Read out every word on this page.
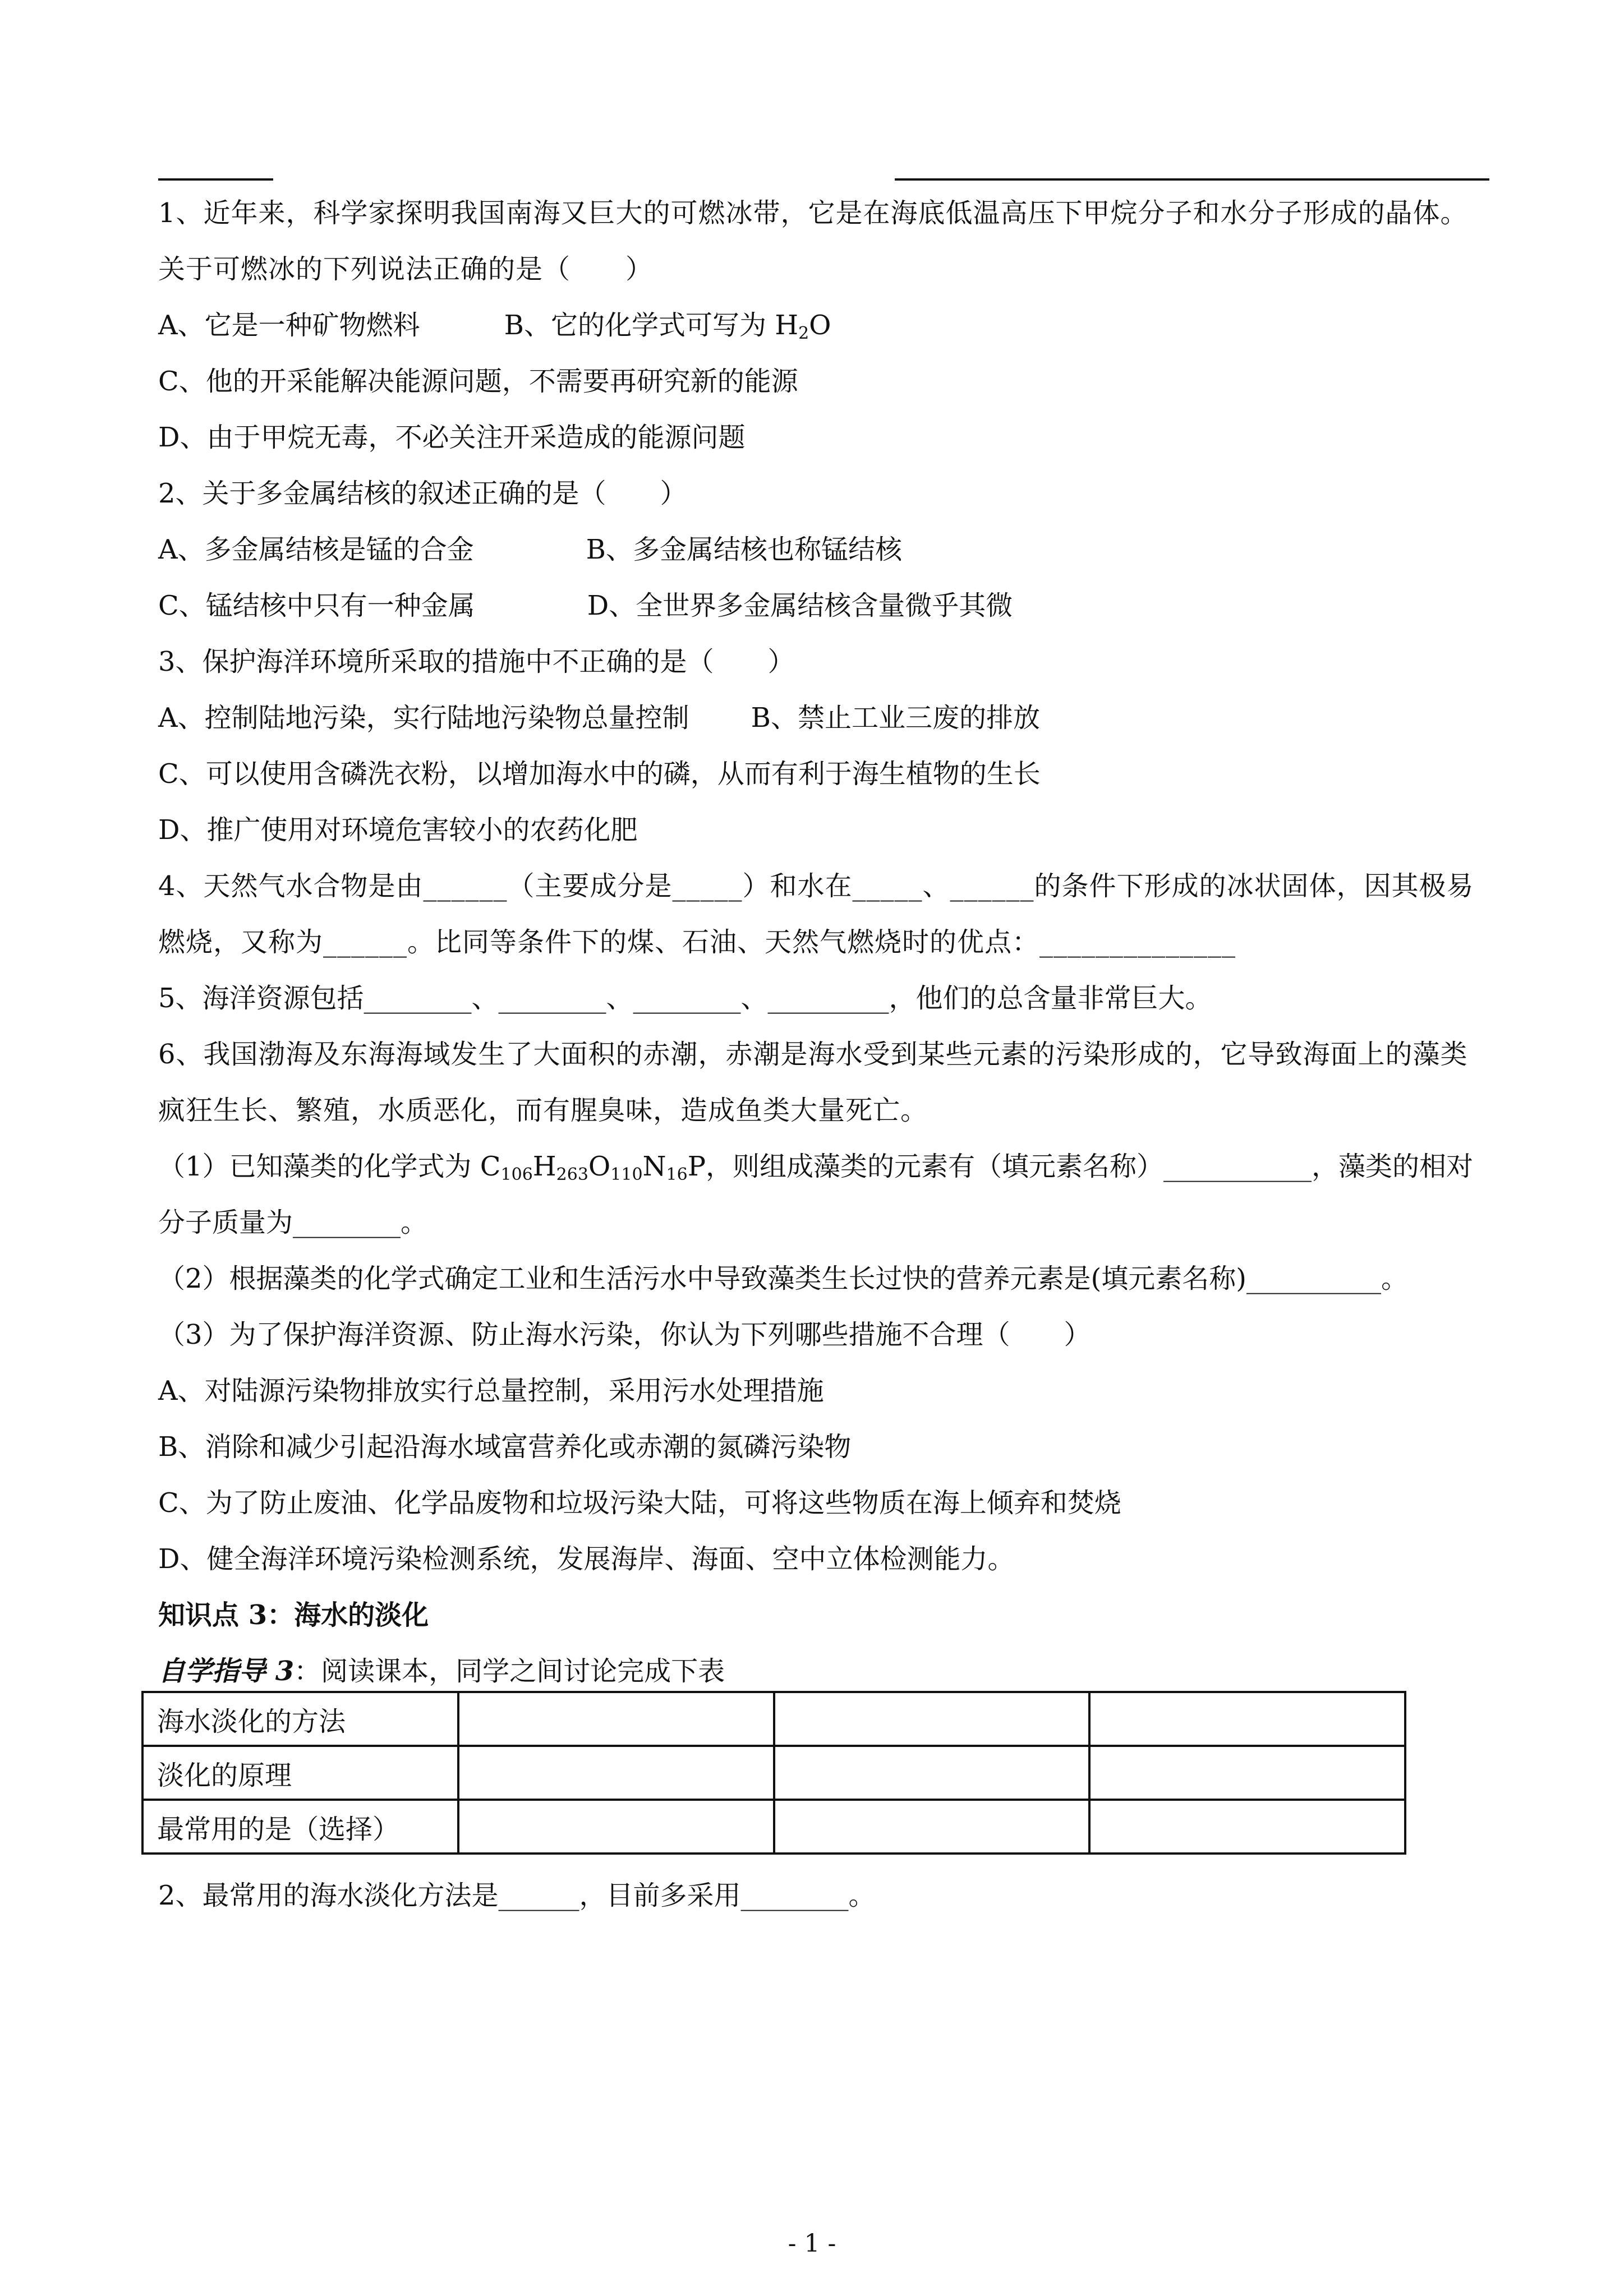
1、近年来，科学家探明我国南海又巨大的可燃冰带，它是在海底低温高压下甲烷分子和水分子形成的晶体。关于可燃冰的下列说法正确的是（　　）
A、它是一种矿物燃料	B、它的化学式可写为 $H_2O$
C、他的开采能解决能源问题，不需要再研究新的能源
D、由于甲烷无毒，不必关注开采造成的能源问题
2、关于多金属结核的叙述正确的是（　　）
A、多金属结核是锰的合金	B、多金属结核也称锰结核
C、锰结核中只有一种金属	D、全世界多金属结核含量微乎其微
3、保护海洋环境所采取的措施中不正确的是（　　）
A、控制陆地污染，实行陆地污染物总量控制 B、禁止工业三废的排放
C、可以使用含磷洗衣粉，以增加海水中的磷，从而有利于海生植物的生长
D、推广使用对环境危害较小的农药化肥
4、天然气水合物是由______（主要成分是_____）和水在_____、______的条件下形成的冰状固体，因其极易燃烧，又称为______。比同等条件下的煤、石油、天然气燃烧时的优点：______________
5、海洋资源包括________、________、________、_________，他们的总含量非常巨大。
6、我国渤海及东海海域发生了大面积的赤潮，赤潮是海水受到某些元素的污染形成的，它导致海面上的藻类疯狂生长、繁殖，水质恶化，而有腥臭味，造成鱼类大量死亡。
（1）已知藻类的化学式为 $C_{106}H_{263}O_{110}N_{16}P$，则组成藻类的元素有（填元素名称）___________，藻类的相对分子质量为________。
（2）根据藻类的化学式确定工业和生活污水中导致藻类生长过快的营养元素是(填元素名称)__________。
（3）为了保护海洋资源、防止海水污染，你认为下列哪些措施不合理（　　）
A、对陆源污染物排放实行总量控制，采用污水处理措施
B、消除和减少引起沿海水域富营养化或赤潮的氮磷污染物
C、为了防止废油、化学品废物和垃圾污染大陆，可将这些物质在海上倾弃和焚烧
D、健全海洋环境污染检测系统，发展海岸、海面、空中立体检测能力。
知识点 3：海水的淡化
自学指导 3：阅读课本，同学之间讨论完成下表
海水淡化的方法			
淡化的原理			
最常用的是（选择）			
2、最常用的海水淡化方法是______，目前多采用________。
- 1 -
